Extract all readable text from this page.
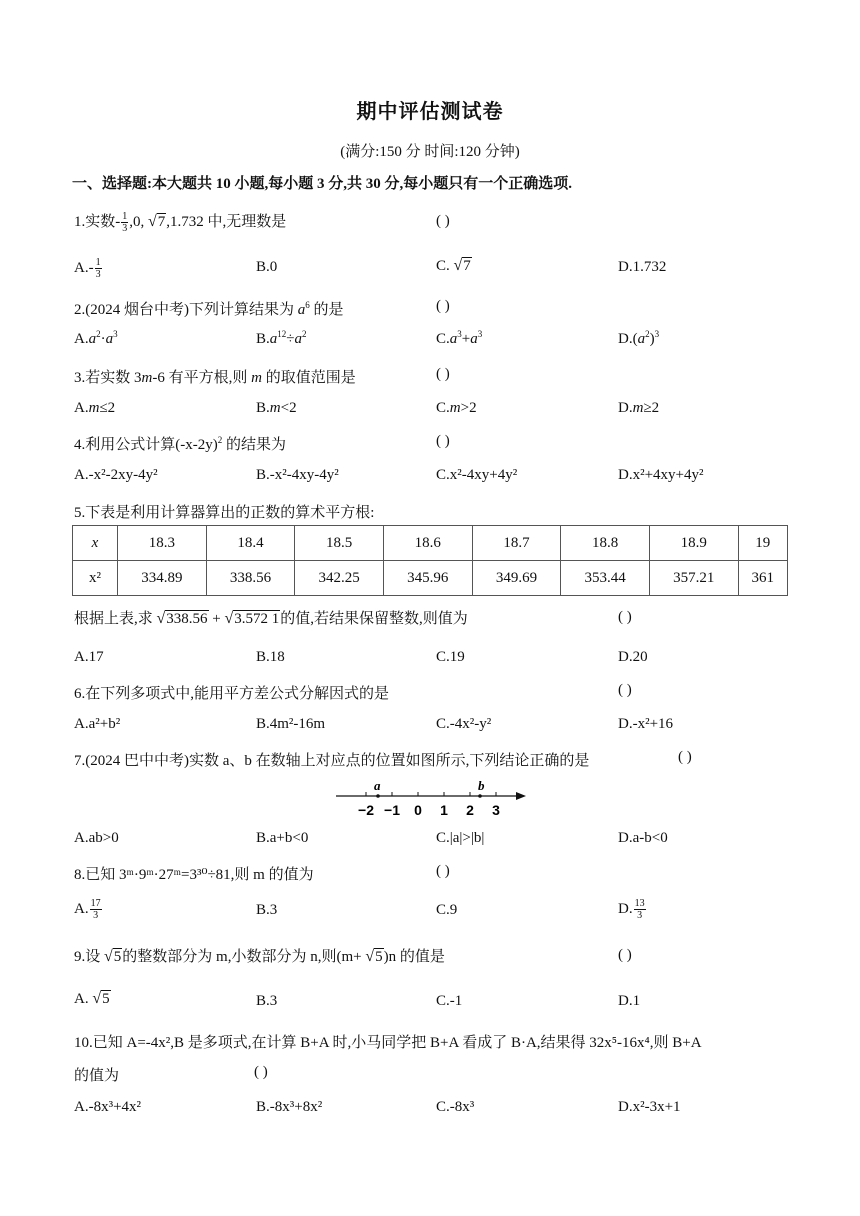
期中评估测试卷
(满分:150 分 时间:120 分钟)
一、选择题:本大题共 10 小题,每小题 3 分,共 30 分,每小题只有一个正确选项.
1.实数- $\frac{1}{3} ,0$, √7,1.732 中,无理数是	( )
$A.- \frac{1}{3}$	B.0	C. √7	D.1.732
2.(2024 烟台中考)下列计算结果为 $a^6$ 的是	( )
$A.a^2\cdot a^3$	$B.a^{12}\div a^2$	$C.a^3+a^3$	$D.(a^2)^3$
3.若实数 3m-6 有平方根,则 m 的取值范围是	( )
A.m≤2	B.m<2	C.m>2	D.m≥2
4.利用公式计算$(-x-2y)^2$ 的结果为	( )
A.-x²-2xy-4y²	B.-x²-4xy-4y²	C.x²-4xy+4y²	D.x²+4xy+4y²
5.下表是利用计算器算出的正数的算术平方根:
x	18.3	18.4	18.5	18.6	18.7	18.8	18.9	19
x²	334.89	338.56	342.25	345.96	349.69	353.44	357.21	361
根据上表,求 √338.56 + √3.572 1的值,若结果保留整数,则值为	( )
A.17	B.18	C.19	D.20
6.在下列多项式中,能用平方差公式分解因式的是	( )
A.a²+b²	B.4m²-16m	C.-4x²-y²	D.-x²+16
7.(2024 巴中中考)实数 a、b 在数轴上对应点的位置如图所示,下列结论正确的是	( )
−2 −1 0 1 2 3
a	b
A.ab>0	B.a+b<0	C.|a|>|b|	D.a-b<0
8.已知 3ᵐ·9ᵐ·27ᵐ=3³⁰÷81,则 m 的值为	( )
A. $\frac{17}{3}$	B.3	C.9	D. $\frac{13}{3}$
9.设 √5的整数部分为 m,小数部分为 n,则(m+ √5)n 的值是	( )
A. √5	B.3	C.-1	D.1
10.已知 A=-4x²,B 是多项式,在计算 B+A 时,小马同学把 B+A 看成了 B·A,结果得 32x⁵-16x⁴,则 B+A
的值为	( )
A.-8x³+4x²	B.-8x³+8x²	C.-8x³	D.x²-3x+1
